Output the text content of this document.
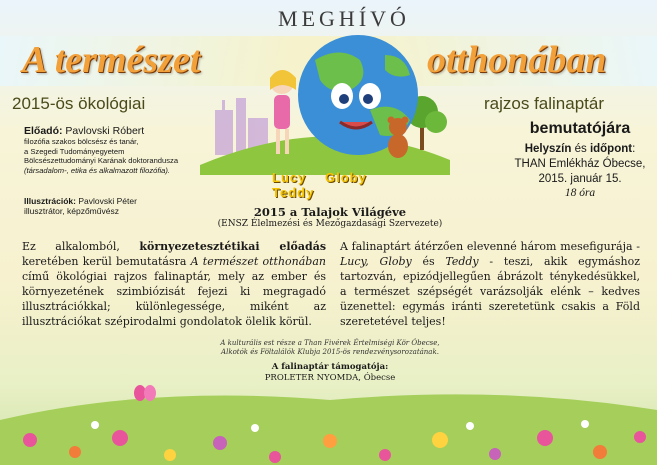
MEGHÍVÓ
A természet	otthonában
2015-ös ökológiai	rajzos falinaptár
Lucy Globy Teddy
Előadó: Pavlovski Róbert
filozófia szakos bölcsész és tanár,
a Szegedi Tudományegyetem
Bölcsészettudományi Karának doktorandusza
(társadalom-, etika és alkalmazott filozófia).
Illusztrációk: Pavlovski Péter
illusztrátor, képzőművész
bemutatójára
Helyszín és időpont:
THAN Emlékház Óbecse,
2015. január 15.
18 óra
2015 a Talajok Világéve
(ENSZ Élelmezési és Mezőgazdasági Szervezete)
Ez alkalomból, környezetesztétikai előadás keretében kerül bemutatásra A természet otthonában című ökológiai rajzos falinaptár, mely az ember és környezetének szimbiózisát fejezi ki megragadó illusztrációkkal; különlegessége, miként az illusztrációkat szépirodalmi gondolatok ölelik körül.
A falinaptárt átérzően elevenné három mesefigurája - Lucy, Globy és Teddy - teszi, akik egymáshoz tartozván, epizódjellegűen ábrázolt ténykedésükkel, a természet szépségét varázsolják elénk – kedves üzenettel: egymás iránti szeretetünk csakis a Föld szeretetével teljes!
A kulturális est része a Than Fivérek Értelmiségi Kör Óbecse,
Alkotók és Föltalálók Klubja 2015-ös rendezvénysorozatának.
A falinaptár támogatója:
PROLETER NYOMDA, Óbecse
